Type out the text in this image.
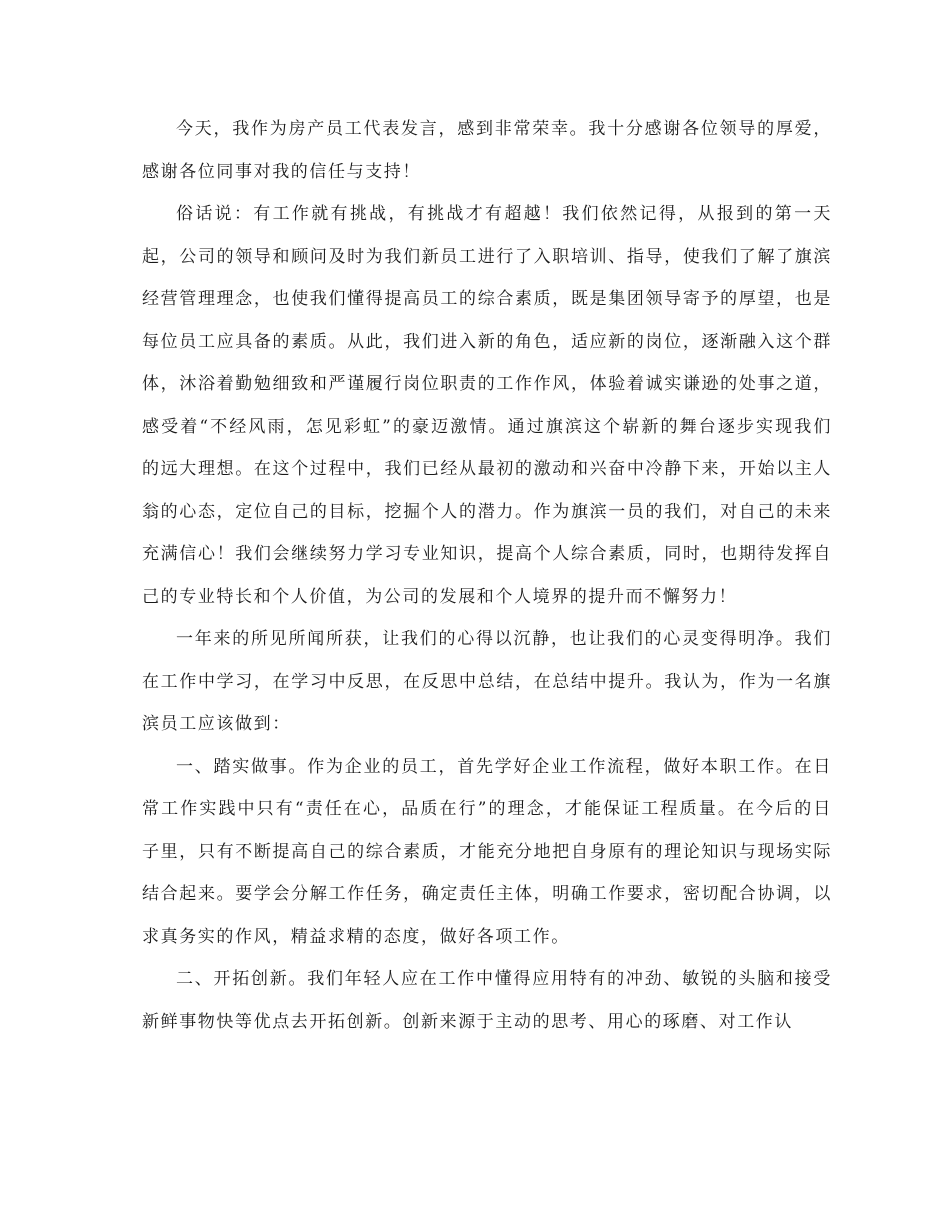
今天，我作为房产员工代表发言，感到非常荣幸。我十分感谢各位领导的厚爱，感谢各位同事对我的信任与支持！

俗话说：有工作就有挑战，有挑战才有超越！我们依然记得，从报到的第一天起，公司的领导和顾问及时为我们新员工进行了入职培训、指导，使我们了解了旗滨经营管理理念，也使我们懂得提高员工的综合素质，既是集团领导寄予的厚望，也是每位员工应具备的素质。从此，我们进入新的角色，适应新的岗位，逐渐融入这个群体，沐浴着勤勉细致和严谨履行岗位职责的工作作风，体验着诚实谦逊的处事之道，感受着“不经风雨，怎见彩虹”的豪迈激情。通过旗滨这个崭新的舞台逐步实现我们的远大理想。在这个过程中，我们已经从最初的激动和兴奋中冷静下来，开始以主人翁的心态，定位自己的目标，挖掘个人的潜力。作为旗滨一员的我们，对自己的未来充满信心！我们会继续努力学习专业知识，提高个人综合素质，同时，也期待发挥自己的专业特长和个人价值，为公司的发展和个人境界的提升而不懈努力！

一年来的所见所闻所获，让我们的心得以沉静，也让我们的心灵变得明净。我们在工作中学习，在学习中反思，在反思中总结，在总结中提升。我认为，作为一名旗滨员工应该做到：

一、踏实做事。作为企业的员工，首先学好企业工作流程，做好本职工作。在日常工作实践中只有“责任在心，品质在行”的理念，才能保证工程质量。在今后的日子里，只有不断提高自己的综合素质，才能充分地把自身原有的理论知识与现场实际结合起来。要学会分解工作任务，确定责任主体，明确工作要求，密切配合协调，以求真务实的作风，精益求精的态度，做好各项工作。

二、开拓创新。我们年轻人应在工作中懂得应用特有的冲劲、敏锐的头脑和接受新鲜事物快等优点去开拓创新。创新来源于主动的思考、用心的琢磨、对工作认
